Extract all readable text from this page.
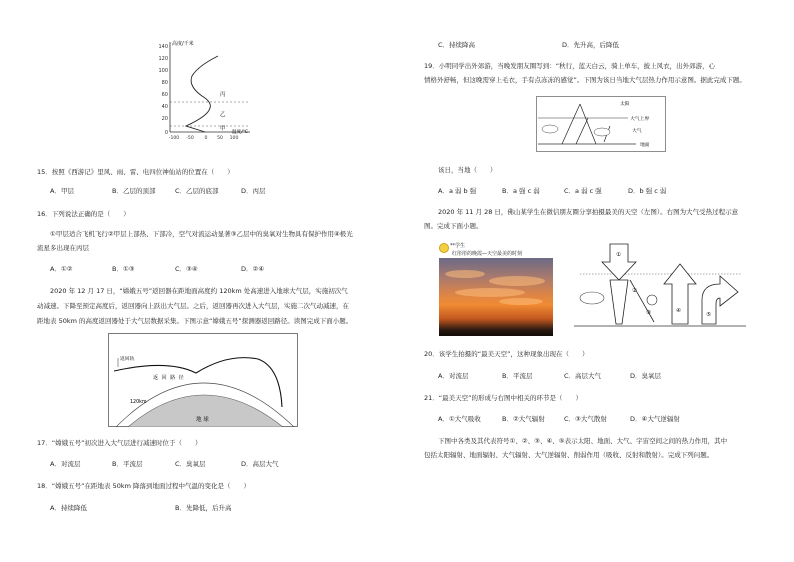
高度/千米
140
120
100
80
60
40
20
0
丙
乙
甲
-100 -50 0 50 100
温度/℃
15．按照《西游记》里风、雨、雷、电四位神仙站的位置在（　　）
A．甲层	B．乙层的顶部	C．乙层的底部	D．丙层
16．下列说法正确的是（　　）
①甲层适合飞机飞行②甲层上部热、下部冷，空气对流运动显著③乙层中的臭氧对生物具有保护作用④极光
流星多出现在丙层
A．①②	B．①③	C．③④	D．②④
2020 年 12 月 17 日，“嫦娥五号”返回器在距地面高度约 120km 处高速进入地球大气层，实施初次气
动减速。下降至预定高度后，返回器向上跃出大气层。之后，返回器再次进入大气层，实施二次气动减速，在
距地表 50km 的高度返回器处于大气层数据采集。下图示意“嫦娥五号”探测器返回路径。读图完成下面小题。
返回轨
返 回 路 径
120km
地 球
17．“嫦娥五号”初次进入大气层进行减速时位于（　　）
A．对流层	B．平流层	C．臭氧层	D．高层大气
18．“嫦娥五号”在距地表 50km 降落到地面过程中气温的变化是（　　）
A．持续降低	B．先降低，后升高
C．持续降高	D．先升高，后降低
19．小明同学出外郊游，当晚发朋友圈写到：“秋行，蓝天白云，骑上单车，披上风衣，出外郊游，心
情格外舒畅，但这晚需穿上毛衣，手有点冻冻的感觉”。下图为该日当地大气层热力作用示意图。据此完成下题。
太阳
大气上界
大气
地面
该日，当地（　　）
A．a 弱 b 强	B．a 强 c 弱	C．a 弱 c 强	D．b 强 c 弱
2020 年 11 月 28 日，佛山某学生在微信朋友圈分享拍摄最美的天空（左图）。右图为大气受热过程示意
图。完成下面小题。
**学生
红彤彤的晚霞—天空最美的时刻	①
②
③	④
⑤
20．该学生拍摄的“最美天空”，这种现象出现在（　　）
A．对流层	B．平流层	C．高层大气	D．臭氧层
21．“最美天空”的形成与右图中相关的环节是（　　）
A．①大气吸收	B．②大气辐射	C．③大气散射	D．④大气逆辐射
下图中各类及其代表符号①、②、③、④、⑤表示太阳、地面、大气、宇宙空间之间的热力作用，其中
包括太阳辐射、地面辐射、大气辐射、大气逆辐射、削弱作用（吸收、反射和散射）。完成下列问题。
